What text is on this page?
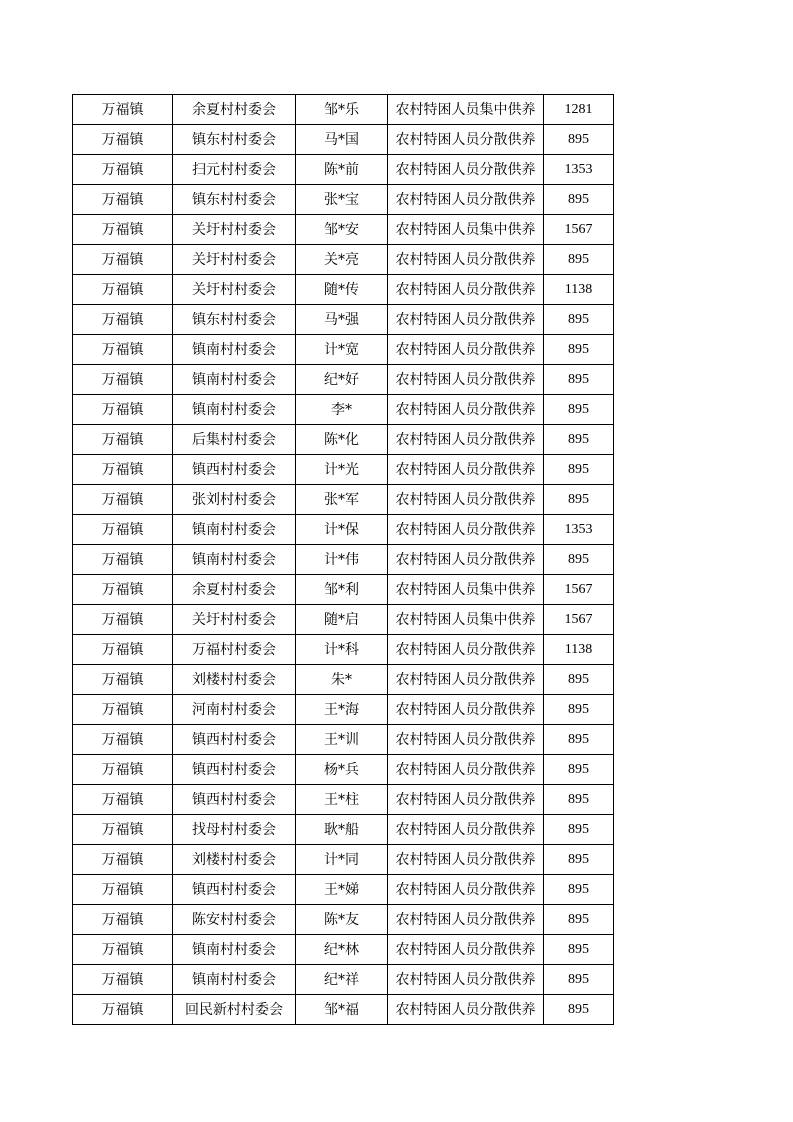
万福镇	余夏村村委会	邹*乐	农村特困人员集中供养	1281
万福镇	镇东村村委会	马*国	农村特困人员分散供养	895
万福镇	扫元村村委会	陈*前	农村特困人员分散供养	1353
万福镇	镇东村村委会	张*宝	农村特困人员分散供养	895
万福镇	关圩村村委会	邹*安	农村特困人员集中供养	1567
万福镇	关圩村村委会	关*亮	农村特困人员分散供养	895
万福镇	关圩村村委会	随*传	农村特困人员分散供养	1138
万福镇	镇东村村委会	马*强	农村特困人员分散供养	895
万福镇	镇南村村委会	计*宽	农村特困人员分散供养	895
万福镇	镇南村村委会	纪*好	农村特困人员分散供养	895
万福镇	镇南村村委会	李*	农村特困人员分散供养	895
万福镇	后集村村委会	陈*化	农村特困人员分散供养	895
万福镇	镇西村村委会	计*光	农村特困人员分散供养	895
万福镇	张刘村村委会	张*军	农村特困人员分散供养	895
万福镇	镇南村村委会	计*保	农村特困人员分散供养	1353
万福镇	镇南村村委会	计*伟	农村特困人员分散供养	895
万福镇	余夏村村委会	邹*利	农村特困人员集中供养	1567
万福镇	关圩村村委会	随*启	农村特困人员集中供养	1567
万福镇	万福村村委会	计*科	农村特困人员分散供养	1138
万福镇	刘楼村村委会	朱*	农村特困人员分散供养	895
万福镇	河南村村委会	王*海	农村特困人员分散供养	895
万福镇	镇西村村委会	王*训	农村特困人员分散供养	895
万福镇	镇西村村委会	杨*兵	农村特困人员分散供养	895
万福镇	镇西村村委会	王*柱	农村特困人员分散供养	895
万福镇	找母村村委会	耿*船	农村特困人员分散供养	895
万福镇	刘楼村村委会	计*同	农村特困人员分散供养	895
万福镇	镇西村村委会	王*娣	农村特困人员分散供养	895
万福镇	陈安村村委会	陈*友	农村特困人员分散供养	895
万福镇	镇南村村委会	纪*林	农村特困人员分散供养	895
万福镇	镇南村村委会	纪*祥	农村特困人员分散供养	895
万福镇	回民新村村委会	邹*福	农村特困人员分散供养	895
